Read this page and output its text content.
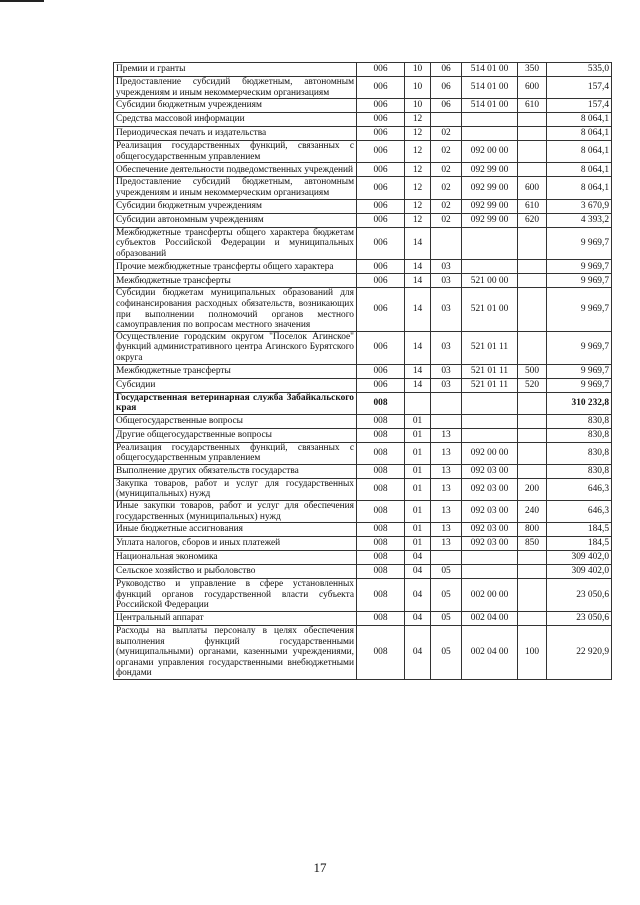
Премии и гранты	006	10	06	514 01 00	350	535,0
Предоставление субсидий бюджетным, автономным учреждениям и иным некоммерческим организациям	006	10	06	514 01 00	600	157,4
Субсидии бюджетным учреждениям	006	10	06	514 01 00	610	157,4
Средства массовой информации	006	12				8 064,1
Периодическая печать и издательства	006	12	02			8 064,1
Реализация государственных функций, связанных с общегосударственным управлением	006	12	02	092 00 00		8 064,1
Обеспечение деятельности подведомственных учреждений	006	12	02	092 99 00		8 064,1
Предоставление субсидий бюджетным, автономным учреждениям и иным некоммерческим организациям	006	12	02	092 99 00	600	8 064,1
Субсидии бюджетным учреждениям	006	12	02	092 99 00	610	3 670,9
Субсидии автономным учреждениям	006	12	02	092 99 00	620	4 393,2
Межбюджетные трансферты общего характера бюджетам субъектов Российской Федерации и муниципальных образований	006	14				9 969,7
Прочие межбюджетные трансферты общего характера	006	14	03			9 969,7
Межбюджетные трансферты	006	14	03	521 00 00		9 969,7
Субсидии бюджетам муниципальных образований для софинансирования расходных обязательств, возникающих при выполнении полномочий органов местного самоуправления по вопросам местного значения	006	14	03	521 01 00		9 969,7
Осуществление городским округом "Поселок Агинское" функций административного центра Агинского Бурятского округа	006	14	03	521 01 11		9 969,7
Межбюджетные трансферты	006	14	03	521 01 11	500	9 969,7
Субсидии	006	14	03	521 01 11	520	9 969,7
Государственная ветеринарная служба Забайкальского края	008					310 232,8
Общегосударственные вопросы	008	01				830,8
Другие общегосударственные вопросы	008	01	13			830,8
Реализация государственных функций, связанных с общегосударственным управлением	008	01	13	092 00 00		830,8
Выполнение других обязательств государства	008	01	13	092 03 00		830,8
Закупка товаров, работ и услуг для государственных (муниципальных) нужд	008	01	13	092 03 00	200	646,3
Иные закупки товаров, работ и услуг для обеспечения государственных (муниципальных) нужд	008	01	13	092 03 00	240	646,3
Иные бюджетные ассигнования	008	01	13	092 03 00	800	184,5
Уплата налогов, сборов и иных платежей	008	01	13	092 03 00	850	184,5
Национальная экономика	008	04				309 402,0
Сельское хозяйство и рыболовство	008	04	05			309 402,0
Руководство и управление в сфере установленных функций органов государственной власти субъекта Российской Федерации	008	04	05	002 00 00		23 050,6
Центральный аппарат	008	04	05	002 04 00		23 050,6
Расходы на выплаты персоналу в целях обеспечения выполнения функций государственными (муниципальными) органами, казенными учреждениями, органами управления государственными внебюджетными фондами	008	04	05	002 04 00	100	22 920,9
17
